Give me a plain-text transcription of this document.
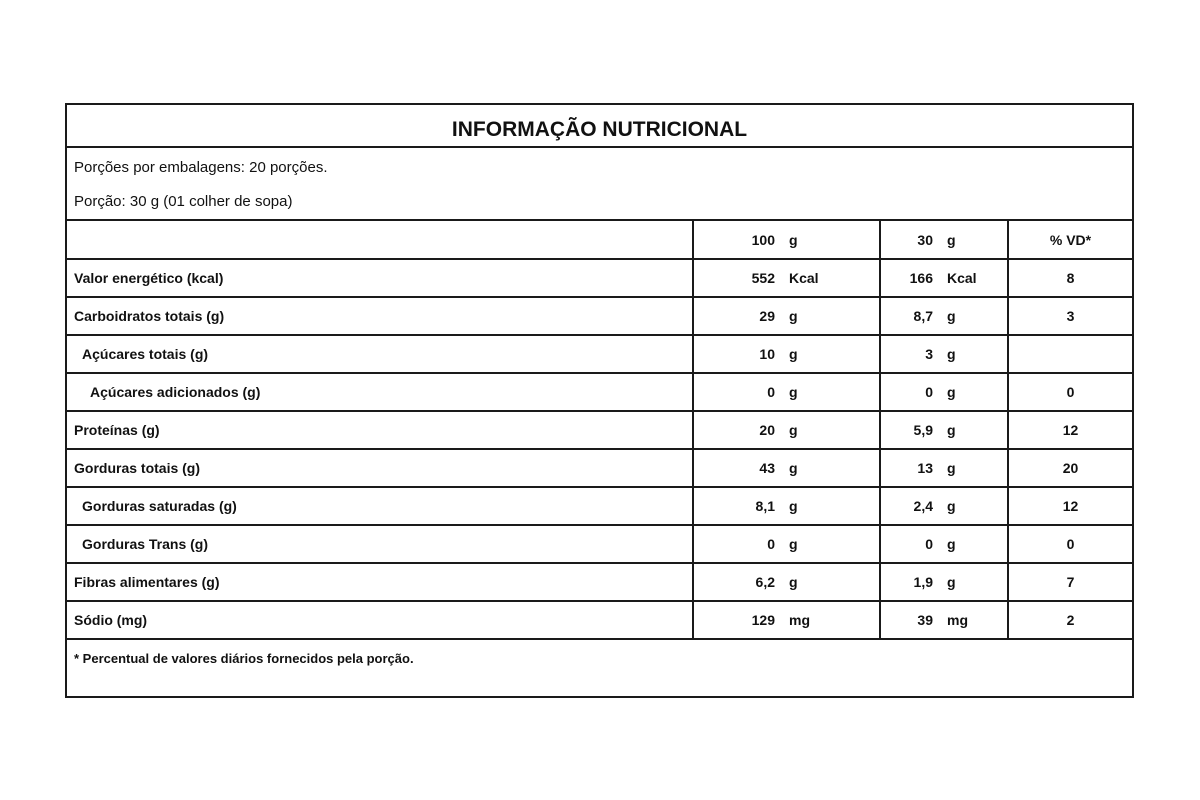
INFORMAÇÃO NUTRICIONAL
Porções por embalagens: 20 porções.
Porção: 30 g (01 colher de sopa)
	100 g	30 g	% VD*
Valor energético (kcal)	552 Kcal	166 Kcal	8
Carboidratos totais (g)	29 g	8,7 g	3
Açúcares totais (g)	10 g	3 g	
Açúcares adicionados (g)	0 g	0 g	0
Proteínas (g)	20 g	5,9 g	12
Gorduras totais (g)	43 g	13 g	20
Gorduras saturadas (g)	8,1 g	2,4 g	12
Gorduras Trans (g)	0 g	0 g	0
Fibras alimentares (g)	6,2 g	1,9 g	7
Sódio (mg)	129 mg	39 mg	2
* Percentual de valores diários fornecidos pela porção.			
